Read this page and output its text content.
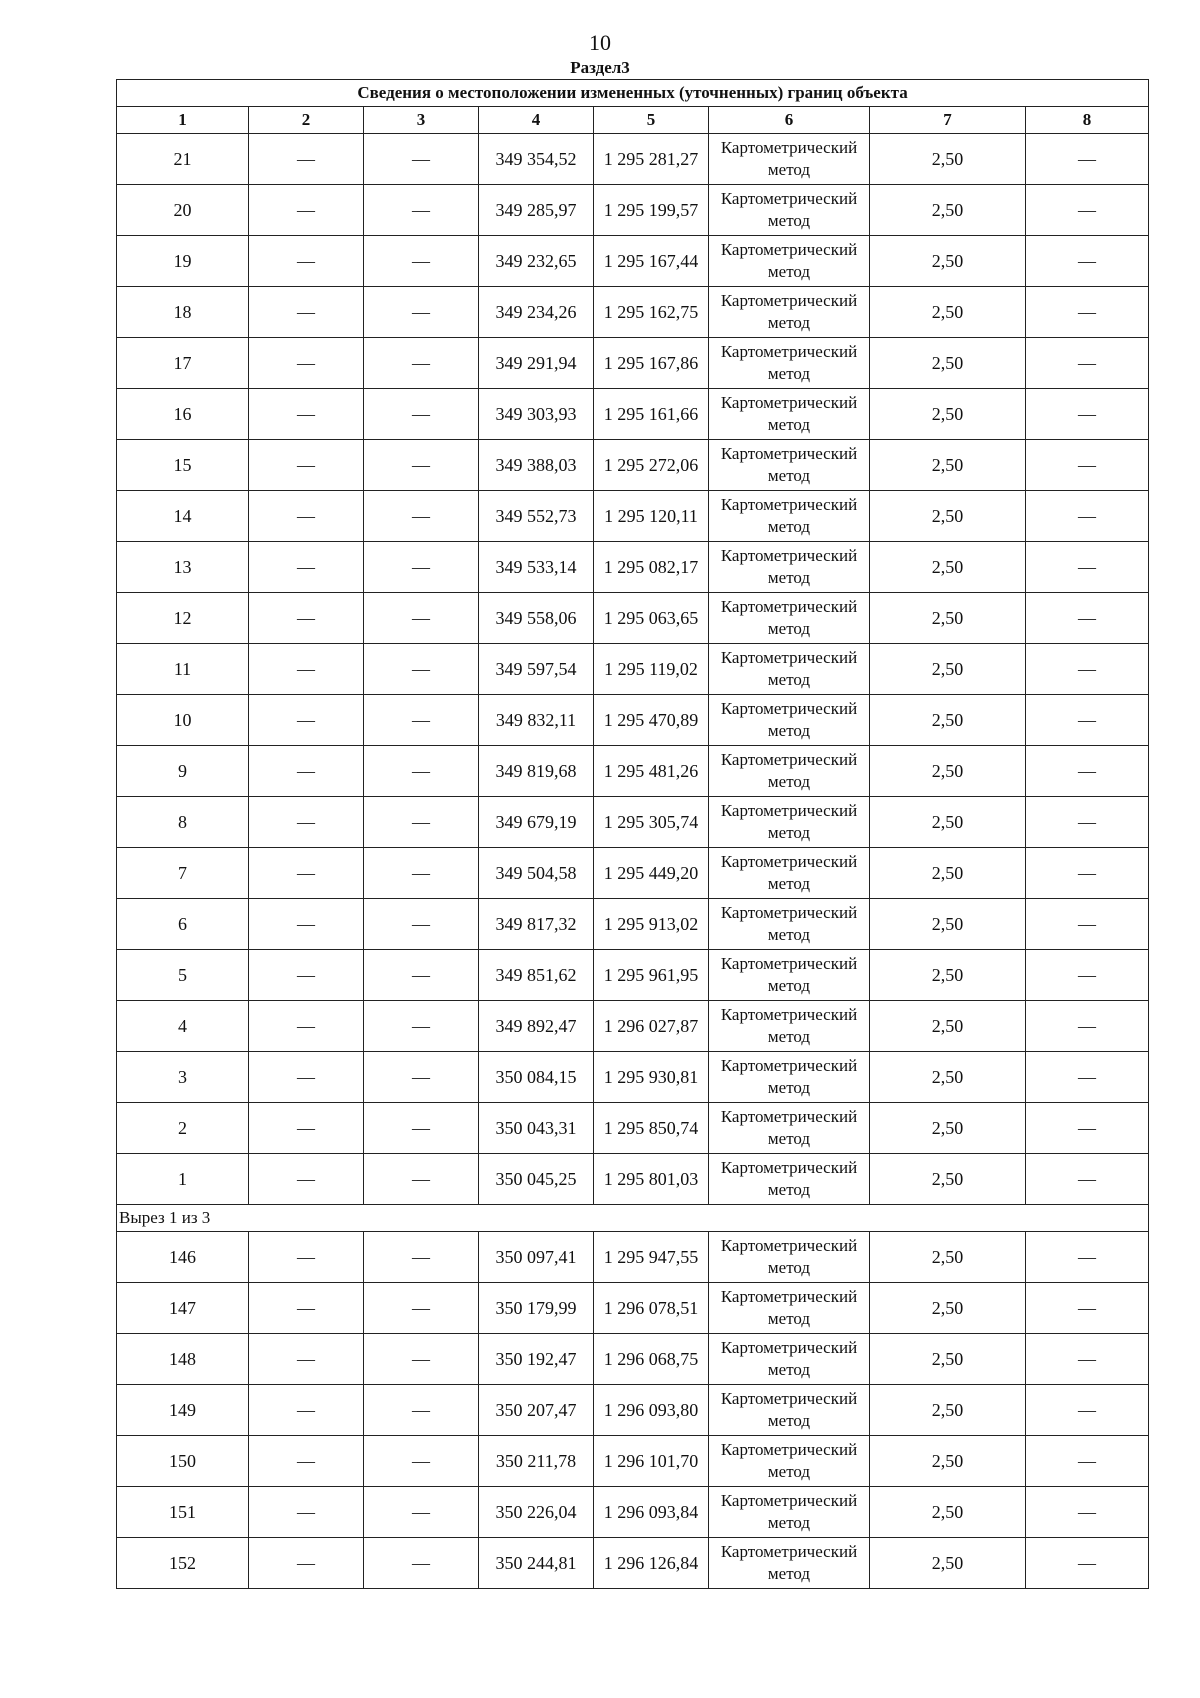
10
Раздел3
Сведения о местоположении измененных (уточненных) границ объекта							
1	2	3	4	5	6	7	8
21	—	—	349 354,52	1 295 281,27	Картометрический метод	2,50	—
20	—	—	349 285,97	1 295 199,57	Картометрический метод	2,50	—
19	—	—	349 232,65	1 295 167,44	Картометрический метод	2,50	—
18	—	—	349 234,26	1 295 162,75	Картометрический метод	2,50	—
17	—	—	349 291,94	1 295 167,86	Картометрический метод	2,50	—
16	—	—	349 303,93	1 295 161,66	Картометрический метод	2,50	—
15	—	—	349 388,03	1 295 272,06	Картометрический метод	2,50	—
14	—	—	349 552,73	1 295 120,11	Картометрический метод	2,50	—
13	—	—	349 533,14	1 295 082,17	Картометрический метод	2,50	—
12	—	—	349 558,06	1 295 063,65	Картометрический метод	2,50	—
11	—	—	349 597,54	1 295 119,02	Картометрический метод	2,50	—
10	—	—	349 832,11	1 295 470,89	Картометрический метод	2,50	—
9	—	—	349 819,68	1 295 481,26	Картометрический метод	2,50	—
8	—	—	349 679,19	1 295 305,74	Картометрический метод	2,50	—
7	—	—	349 504,58	1 295 449,20	Картометрический метод	2,50	—
6	—	—	349 817,32	1 295 913,02	Картометрический метод	2,50	—
5	—	—	349 851,62	1 295 961,95	Картометрический метод	2,50	—
4	—	—	349 892,47	1 296 027,87	Картометрический метод	2,50	—
3	—	—	350 084,15	1 295 930,81	Картометрический метод	2,50	—
2	—	—	350 043,31	1 295 850,74	Картометрический метод	2,50	—
1	—	—	350 045,25	1 295 801,03	Картометрический метод	2,50	—
Вырез 1 из 3							
146	—	—	350 097,41	1 295 947,55	Картометрический метод	2,50	—
147	—	—	350 179,99	1 296 078,51	Картометрический метод	2,50	—
148	—	—	350 192,47	1 296 068,75	Картометрический метод	2,50	—
149	—	—	350 207,47	1 296 093,80	Картометрический метод	2,50	—
150	—	—	350 211,78	1 296 101,70	Картометрический метод	2,50	—
151	—	—	350 226,04	1 296 093,84	Картометрический метод	2,50	—
152	—	—	350 244,81	1 296 126,84	Картометрический метод	2,50	—
